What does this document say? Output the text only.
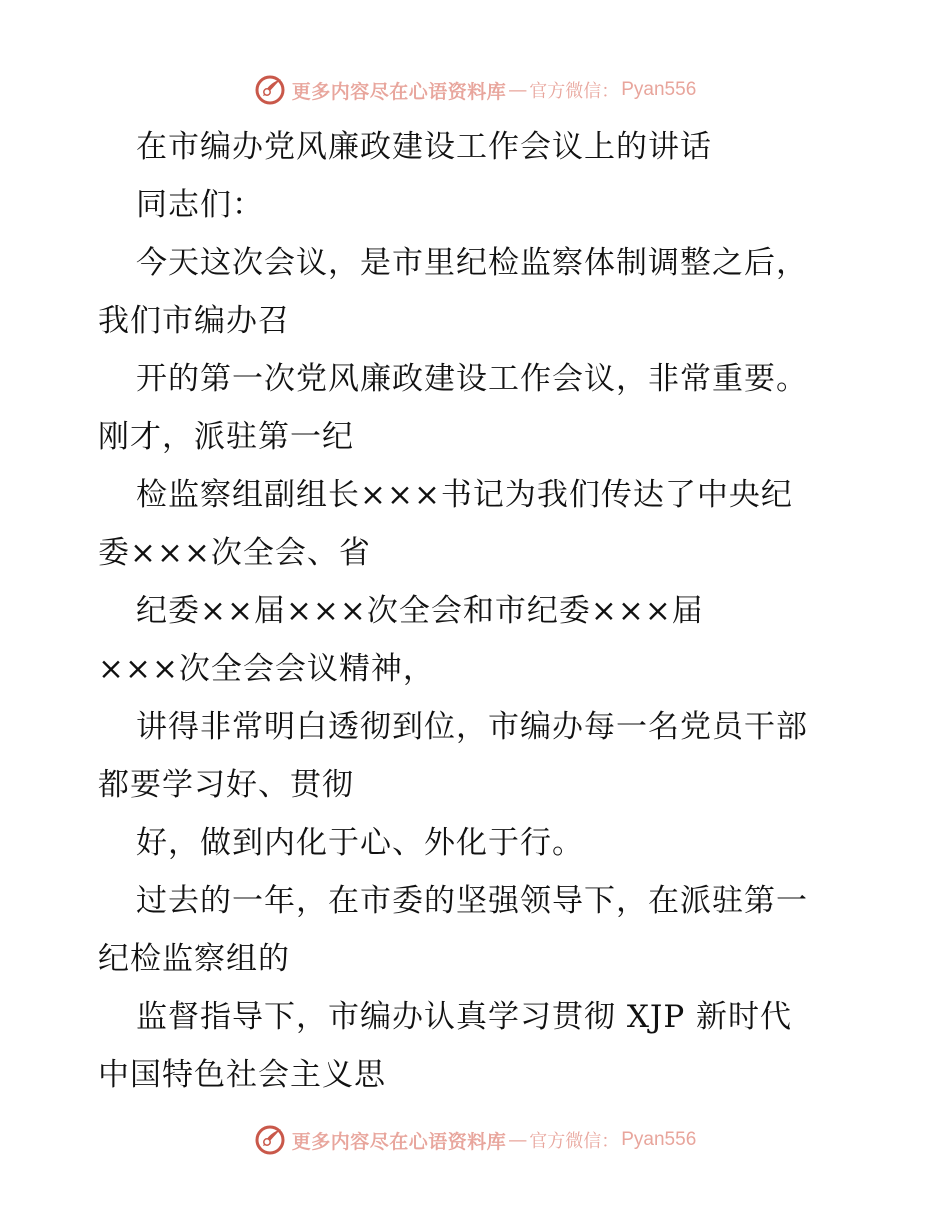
更多内容尽在心语资料库 — 官方微信： Pyan556
在市编办党风廉政建设工作会议上的讲话
同志们：
今天这次会议，是市里纪检监察体制调整之后，
我们市编办召
开的第一次党风廉政建设工作会议，非常重要。
刚才，派驻第一纪
检监察组副组长×××书记为我们传达了中央纪
委×××次全会、省
纪委××届×××次全会和市纪委×××届
×××次全会会议精神，
讲得非常明白透彻到位，市编办每一名党员干部
都要学习好、贯彻
好，做到内化于心、外化于行。
过去的一年，在市委的坚强领导下，在派驻第一
纪检监察组的
监督指导下，市编办认真学习贯彻 XJP 新时代
中国特色社会主义思
更多内容尽在心语资料库 — 官方微信： Pyan556
